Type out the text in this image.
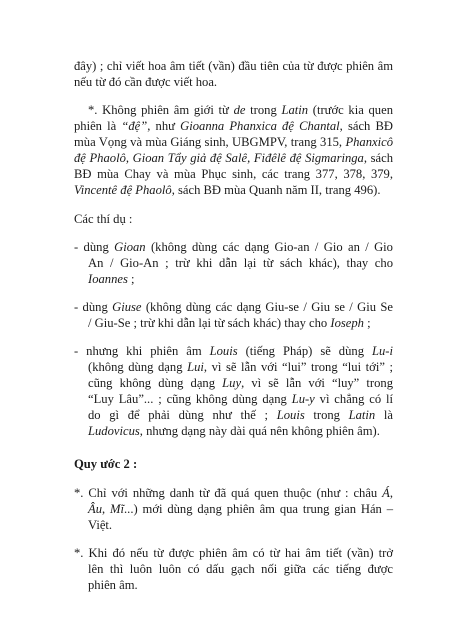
đây) ; chỉ viết hoa âm tiết (vần) đầu tiên của từ được phiên âm
nếu từ đó cần được viết hoa.
*. Không phiên âm giới từ de trong Latin (trước kia quen
phiên là “đệ”, như Gioanna Phanxica đệ Chantal, sách BĐ
mùa Vọng và mùa Giáng sinh, UBGMPV, trang 315, Phanxicô
đệ Phaolô, Gioan Tẩy giả đệ Salê, Fiđêlê đệ Sigmaringa, sách
BĐ mùa Chay và mùa Phục sinh, các trang 377, 378, 379,
Vincentê đệ Phaolô, sách BĐ mùa Quanh năm II, trang 496).
Các thí dụ :
- dùng Gioan (không dùng các dạng Gio-an / Gio an / Gio
An / Gio-An ; trừ khi dẫn lại từ sách khác), thay cho
Ioannes ;
- dùng Giuse (không dùng các dạng Giu-se / Giu se / Giu Se
/ Giu-Se ; trừ khi dẫn lại từ sách khác) thay cho Ioseph ;
- nhưng khi phiên âm Louis (tiếng Pháp) sẽ dùng Lu-i
(không dùng dạng Lui, vì sẽ lẫn với “lui” trong “lui tới” ;
cũng không dùng dạng Luy, vì sẽ lẫn với “luy” trong
“Luy Lâu”... ; cũng không dùng dạng Lu-y vì chẳng có lí
do gì để phải dùng như thế ; Louis trong Latin là
Ludovicus, nhưng dạng này dài quá nên không phiên âm).
Quy ước 2 :
*. Chỉ với những danh từ đã quá quen thuộc (như : châu Á,
Âu, Mĩ...) mới dùng dạng phiên âm qua trung gian Hán –
Việt.
*. Khi đó nếu từ được phiên âm có từ hai âm tiết (vần) trở
lên thì luôn luôn có dấu gạch nối giữa các tiếng được
phiên âm.
